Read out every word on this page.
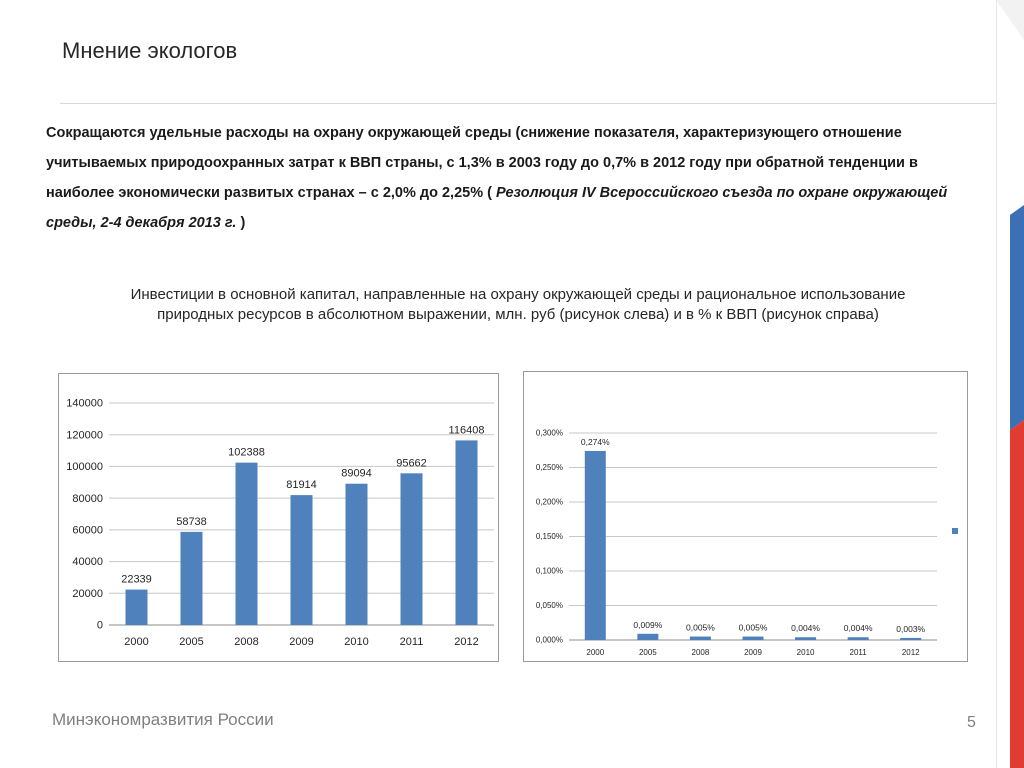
Мнение экологов
Сокращаются удельные расходы на охрану окружающей среды (снижение показателя, характеризующего отношение учитываемых природоохранных затрат к ВВП страны, с 1,3% в 2003 году до 0,7% в 2012 году при обратной тенденции в наиболее экономически развитых странах – с 2,0% до 2,25% ( Резолюция IV Всероссийского съезда по охране окружающей среды, 2-4 декабря 2013 г. )
Инвестиции в основной капитал, направленные на охрану окружающей среды и рациональное использование
природных ресурсов в абсолютном выражении, млн. руб (рисунок слева) и в % к ВВП (рисунок справа)
0
20000
40000
60000
80000
100000
120000
140000
22339
2000
58738
2005
102388
2008
81914
2009
89094
2010
95662
2011
116408
2012	0,000%
0,050%
0,100%
0,150%
0,200%
0,250%
0,300%
0,274%
2000
0,009%
2005
0,005%
2008
0,005%
2009
0,004%
2010
0,004%
2011
0,003%
2012
Минэкономразвития России	5
